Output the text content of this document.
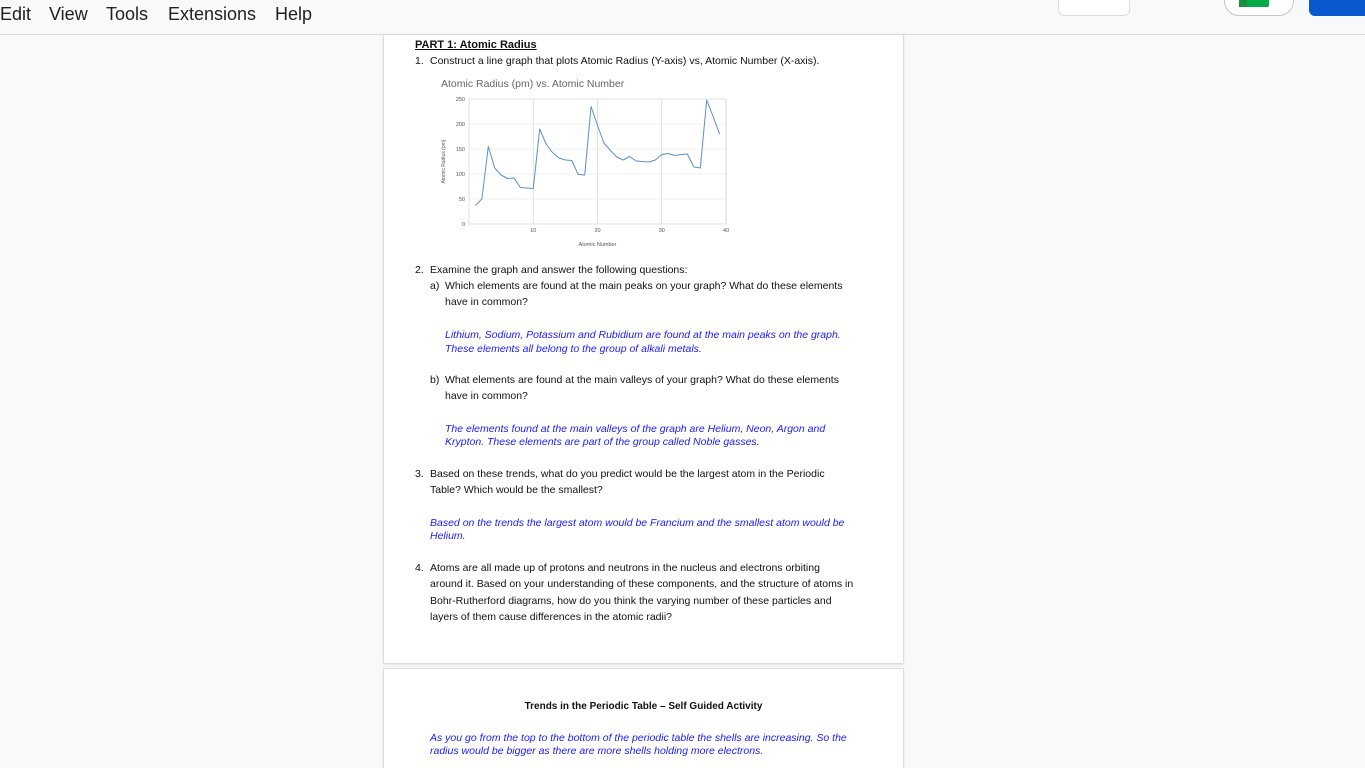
Edit View Tools Extensions Help
PART 1: Atomic Radius
1. Construct a line graph that plots Atomic Radius (Y-axis) vs, Atomic Number (X-axis).
Atomic Radius (pm) vs. Atomic Number
0
50
100
150
200
250
10	20	30	40
Atomic Number
Atomic Radius (pm)
2. Examine the graph and answer the following questions:
a) Which elements are found at the main peaks on your graph? What do these elements
have in common?
Lithium, Sodium, Potassium and Rubidium are found at the main peaks on the graph.
These elements all belong to the group of alkali metals.
b) What elements are found at the main valleys of your graph? What do these elements
have in common?
The elements found at the main valleys of the graph are Helium, Neon, Argon and
Krypton. These elements are part of the group called Noble gasses.
3. Based on these trends, what do you predict would be the largest atom in the Periodic
Table? Which would be the smallest?
Based on the trends the largest atom would be Francium and the smallest atom would be
Helium.
4. Atoms are all made up of protons and neutrons in the nucleus and electrons orbiting
around it. Based on your understanding of these components, and the structure of atoms in
Bohr-Rutherford diagrams, how do you think the varying number of these particles and
layers of them cause differences in the atomic radii?
Trends in the Periodic Table – Self Guided Activity
As you go from the top to the bottom of the periodic table the shells are increasing. So the
radius would be bigger as there are more shells holding more electrons.
